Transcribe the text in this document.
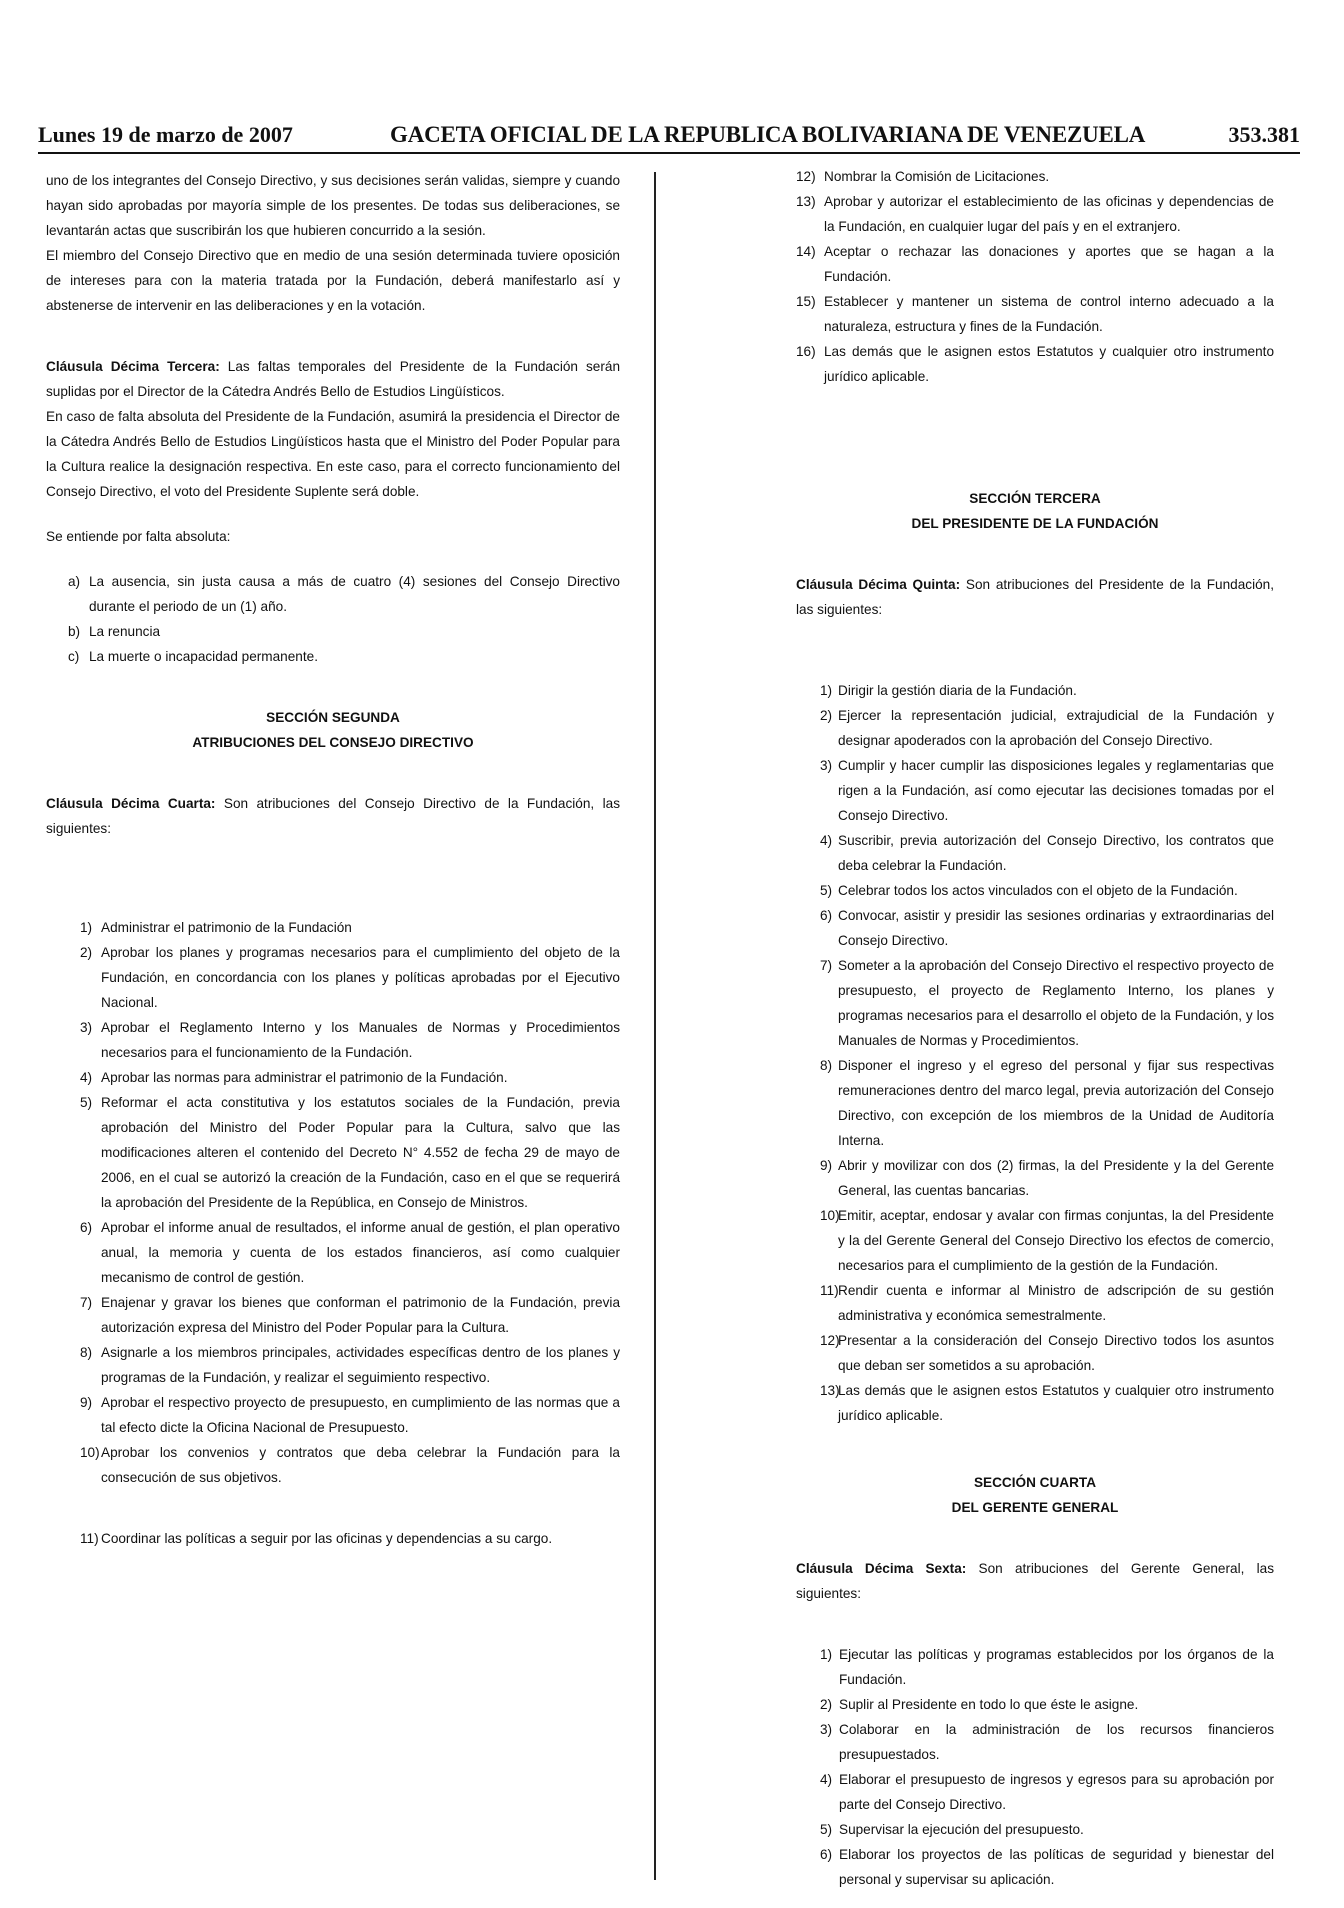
Lunes 19 de marzo de 2007	GACETA OFICIAL DE LA REPUBLICA BOLIVARIANA DE VENEZUELA	353.381

uno de los integrantes del Consejo Directivo, y sus decisiones serán validas, siempre y cuando hayan sido aprobadas por mayoría simple de los presentes. De todas sus deliberaciones, se levantarán actas que suscribirán los que hubieren concurrido a la sesión.

El miembro del Consejo Directivo que en medio de una sesión determinada tuviere oposición de intereses para con la materia tratada por la Fundación, deberá manifestarlo así y abstenerse de intervenir en las deliberaciones y en la votación.

Cláusula Décima Tercera: Las faltas temporales del Presidente de la Fundación serán suplidas por el Director de la Cátedra Andrés Bello de Estudios Lingüísticos.

En caso de falta absoluta del Presidente de la Fundación, asumirá la presidencia el Director de la Cátedra Andrés Bello de Estudios Lingüísticos hasta que el Ministro del Poder Popular para la Cultura realice la designación respectiva. En este caso, para el correcto funcionamiento del Consejo Directivo, el voto del Presidente Suplente será doble.

Se entiende por falta absoluta:

a) La ausencia, sin justa causa a más de cuatro (4) sesiones del Consejo Directivo durante el periodo de un (1) año.
b) La renuncia
c) La muerte o incapacidad permanente.

SECCIÓN SEGUNDA

ATRIBUCIONES DEL CONSEJO DIRECTIVO

Cláusula Décima Cuarta: Son atribuciones del Consejo Directivo de la Fundación, las siguientes:

1) Administrar el patrimonio de la Fundación
2) Aprobar los planes y programas necesarios para el cumplimiento del objeto de la Fundación, en concordancia con los planes y políticas aprobadas por el Ejecutivo Nacional.
3) Aprobar el Reglamento Interno y los Manuales de Normas y Procedimientos necesarios para el funcionamiento de la Fundación.
4) Aprobar las normas para administrar el patrimonio de la Fundación.
5) Reformar el acta constitutiva y los estatutos sociales de la Fundación, previa aprobación del Ministro del Poder Popular para la Cultura, salvo que las modificaciones alteren el contenido del Decreto N° 4.552 de fecha 29 de mayo de 2006, en el cual se autorizó la creación de la Fundación, caso en el que se requerirá la aprobación del Presidente de la República, en Consejo de Ministros.
6) Aprobar el informe anual de resultados, el informe anual de gestión, el plan operativo anual, la memoria y cuenta de los estados financieros, así como cualquier mecanismo de control de gestión.
7) Enajenar y gravar los bienes que conforman el patrimonio de la Fundación, previa autorización expresa del Ministro del Poder Popular para la Cultura.
8) Asignarle a los miembros principales, actividades específicas dentro de los planes y programas de la Fundación, y realizar el seguimiento respectivo.
9) Aprobar el respectivo proyecto de presupuesto, en cumplimiento de las normas que a tal efecto dicte la Oficina Nacional de Presupuesto.
10) Aprobar los convenios y contratos que deba celebrar la Fundación para la consecución de sus objetivos.
11) Coordinar las políticas a seguir por las oficinas y dependencias a su cargo.
12) Nombrar la Comisión de Licitaciones.
13) Aprobar y autorizar el establecimiento de las oficinas y dependencias de la Fundación, en cualquier lugar del país y en el extranjero.
14) Aceptar o rechazar las donaciones y aportes que se hagan a la Fundación.
15) Establecer y mantener un sistema de control interno adecuado a la naturaleza, estructura y fines de la Fundación.
16) Las demás que le asignen estos Estatutos y cualquier otro instrumento jurídico aplicable.

SECCIÓN TERCERA

DEL PRESIDENTE DE LA FUNDACIÓN

Cláusula Décima Quinta: Son atribuciones del Presidente de la Fundación, las siguientes:

1) Dirigir la gestión diaria de la Fundación.
2) Ejercer la representación judicial, extrajudicial de la Fundación y designar apoderados con la aprobación del Consejo Directivo.
3) Cumplir y hacer cumplir las disposiciones legales y reglamentarias que rigen a la Fundación, así como ejecutar las decisiones tomadas por el Consejo Directivo.
4) Suscribir, previa autorización del Consejo Directivo, los contratos que deba celebrar la Fundación.
5) Celebrar todos los actos vinculados con el objeto de la Fundación.
6) Convocar, asistir y presidir las sesiones ordinarias y extraordinarias del Consejo Directivo.
7) Someter a la aprobación del Consejo Directivo el respectivo proyecto de presupuesto, el proyecto de Reglamento Interno, los planes y programas necesarios para el desarrollo el objeto de la Fundación, y los Manuales de Normas y Procedimientos.
8) Disponer el ingreso y el egreso del personal y fijar sus respectivas remuneraciones dentro del marco legal, previa autorización del Consejo Directivo, con excepción de los miembros de la Unidad de Auditoría Interna.
9) Abrir y movilizar con dos (2) firmas, la del Presidente y la del Gerente General, las cuentas bancarias.
10)
Emitir, aceptar, endosar y avalar con firmas conjuntas, la del Presidente y la del Gerente General del Consejo Directivo los efectos de comercio, necesarios para el cumplimiento de la gestión de la Fundación.
11) Rendir cuenta e informar al Ministro de adscripción de su gestión administrativa y económica semestralmente.
12)
Presentar a la consideración del Consejo Directivo todos los asuntos que deban ser sometidos a su aprobación.
13)
Las demás que le asignen estos Estatutos y cualquier otro instrumento jurídico aplicable.

SECCIÓN CUARTA

DEL GERENTE GENERAL

Cláusula Décima Sexta: Son atribuciones del Gerente General, las siguientes:

1) Ejecutar las políticas y programas establecidos por los órganos de la Fundación.
2) Suplir al Presidente en todo lo que éste le asigne.
3) Colaborar en la administración de los recursos financieros presupuestados.
4) Elaborar el presupuesto de ingresos y egresos para su aprobación por parte del Consejo Directivo.
5) Supervisar la ejecución del presupuesto.
6) Elaborar los proyectos de las políticas de seguridad y bienestar del personal y supervisar su aplicación.
